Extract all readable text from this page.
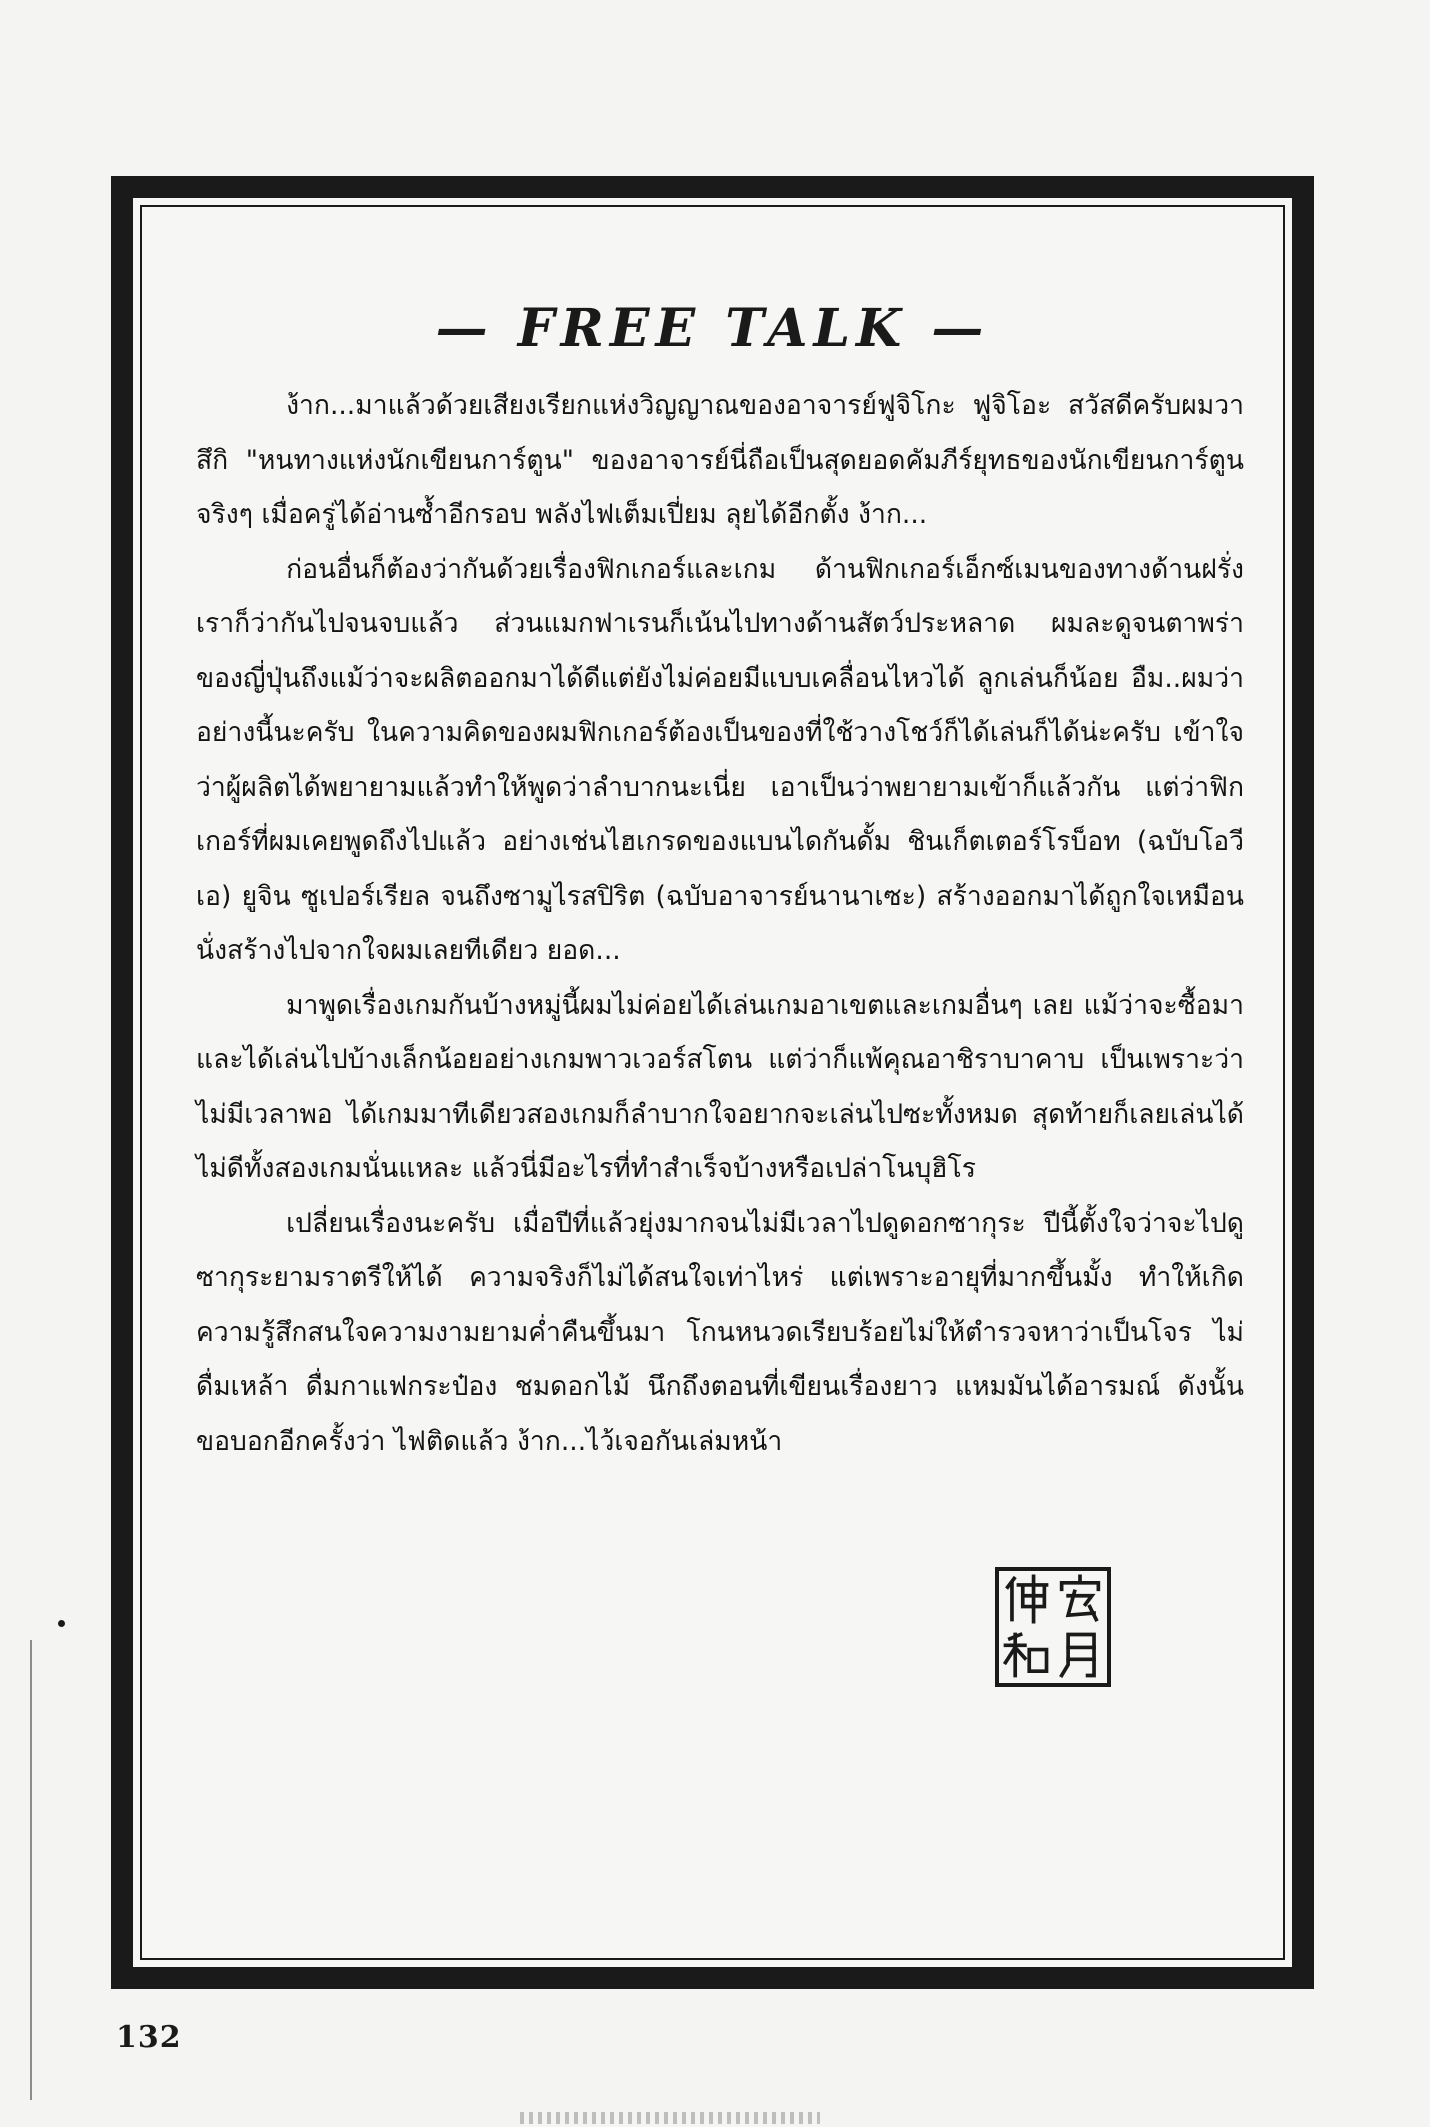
— FREE TALK —

ง้าก...มาแล้วด้วยเสียงเรียกแห่งวิญญาณของอาจารย์ฟูจิโกะ ฟูจิโอะ สวัสดีครับผมวาสึกิ "หนทางแห่งนักเขียนการ์ตูน" ของอาจารย์นี่ถือเป็นสุดยอดคัมภีร์ยุทธของนักเขียนการ์ตูนจริงๆ เมื่อครู่ได้อ่านซ้ำอีกรอบ พลังไฟเต็มเปี่ยม ลุยได้อีกตั้ง ง้าก...

ก่อนอื่นก็ต้องว่ากันด้วยเรื่องฟิกเกอร์และเกม ด้านฟิกเกอร์เอ็กซ์เมนของทางด้านฝรั่งเราก็ว่ากันไปจนจบแล้ว ส่วนแมกฟาเรนก็เน้นไปทางด้านสัตว์ประหลาด ผมละดูจนตาพร่า ของญี่ปุ่นถึงแม้ว่าจะผลิตออกมาได้ดีแต่ยังไม่ค่อยมีแบบเคลื่อนไหวได้ ลูกเล่นก็น้อย อืม..ผมว่าอย่างนี้นะครับ ในความคิดของผมฟิกเกอร์ต้องเป็นของที่ใช้วางโชว์ก็ได้เล่นก็ได้น่ะครับ เข้าใจว่าผู้ผลิตได้พยายามแล้วทำให้พูดว่าลำบากนะเนี่ย เอาเป็นว่าพยายามเข้าก็แล้วกัน แต่ว่าฟิกเกอร์ที่ผมเคยพูดถึงไปแล้ว อย่างเช่นไฮเกรดของแบนไดกันดั้ม ชินเก็ตเตอร์โรบ็อท (ฉบับโอวีเอ) ยูจิน ซูเปอร์เรียล จนถึงซามูไรสปิริต (ฉบับอาจารย์นานาเซะ) สร้างออกมาได้ถูกใจเหมือนนั่งสร้างไปจากใจผมเลยทีเดียว ยอด...

มาพูดเรื่องเกมกันบ้างหมู่นี้ผมไม่ค่อยได้เล่นเกมอาเขตและเกมอื่นๆ เลย แม้ว่าจะซื้อมาและได้เล่นไปบ้างเล็กน้อยอย่างเกมพาวเวอร์สโตน แต่ว่าก็แพ้คุณอาชิราบาคาบ เป็นเพราะว่าไม่มีเวลาพอ ได้เกมมาทีเดียวสองเกมก็ลำบากใจอยากจะเล่นไปซะทั้งหมด สุดท้ายก็เลยเล่นได้ไม่ดีทั้งสองเกมนั่นแหละ แล้วนี่มีอะไรที่ทำสำเร็จบ้างหรือเปล่าโนบุฮิโร

เปลี่ยนเรื่องนะครับ เมื่อปีที่แล้วยุ่งมากจนไม่มีเวลาไปดูดอกซากุระ ปีนี้ตั้งใจว่าจะไปดูซากุระยามราตรีให้ได้ ความจริงก็ไม่ได้สนใจเท่าไหร่ แต่เพราะอายุที่มากขึ้นมั้ง ทำให้เกิดความรู้สึกสนใจความงามยามค่ำคืนขึ้นมา โกนหนวดเรียบร้อยไม่ให้ตำรวจหาว่าเป็นโจร ไม่ดื่มเหล้า ดื่มกาแฟกระป๋อง ชมดอกไม้ นึกถึงตอนที่เขียนเรื่องยาว แหมมันได้อารมณ์ ดังนั้นขอบอกอีกครั้งว่า ไฟติดแล้ว ง้าก...ไว้เจอกันเล่มหน้า

132
